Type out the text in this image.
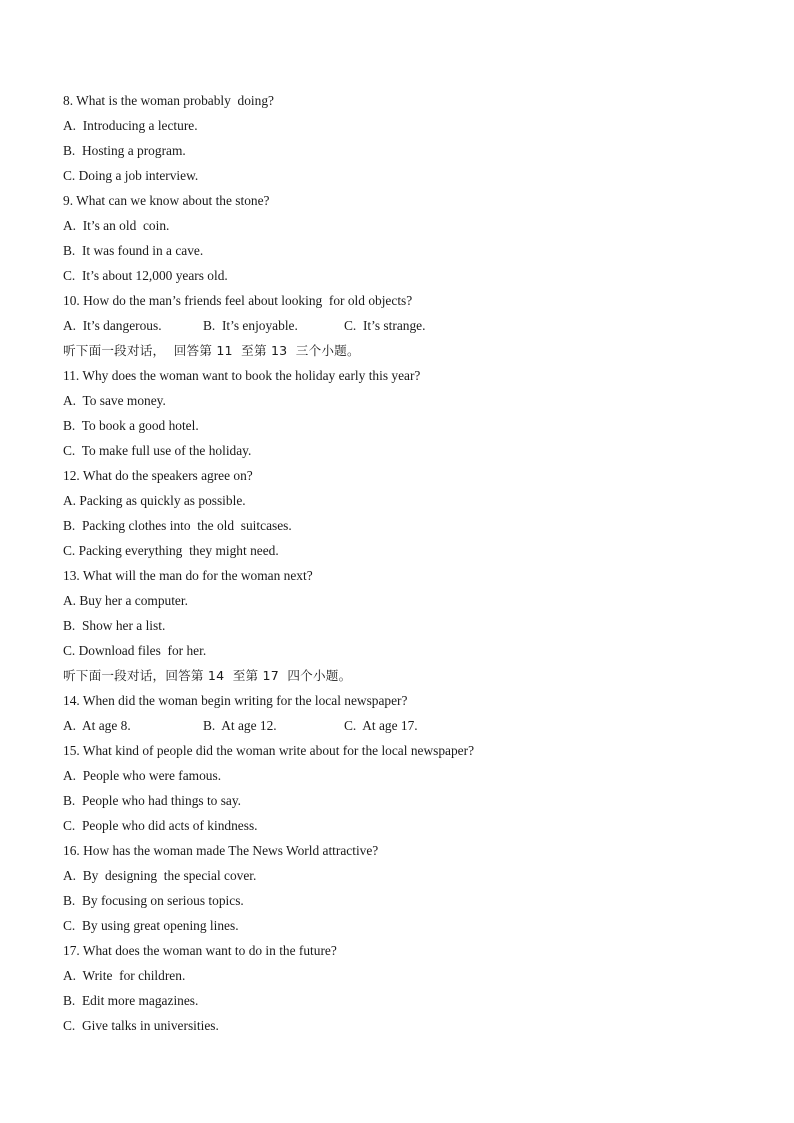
8. What is the woman probably  doing?
A.  Introducing a lecture.
B.  Hosting a program.
C. Doing a job interview.
9. What can we know about the stone?
A.  It’s an old  coin.
B.  It was found in a cave.
C.  It’s about 12,000 years old.
10. How do the man’s friends feel about looking  for old objects?

A.  It’s dangerous.

	B.  It’s enjoyable.

	C.  It’s strange.

听下面一段对话，  回答第 11  至第 13  三个小题。
11. Why does the woman want to book the holiday early this year?
A.  To save money.
B.  To book a good hotel.
C.  To make full use of the holiday.
12. What do the speakers agree on?
A. Packing as quickly as possible.
B.  Packing clothes into  the old  suitcases.
C. Packing everything  they might need.
13. What will the man do for the woman next?
A. Buy her a computer.
B.  Show her a list.
C. Download files  for her.
听下面一段对话，回答第 14  至第 17  四个小题。
14. When did the woman begin writing for the local newspaper?

A.  At age 8.

	B.  At age 12.

	C.  At age 17.

15. What kind of people did the woman write about for the local newspaper?
A.  People who were famous.
B.  People who had things to say.
C.  People who did acts of kindness.
16. How has the woman made The News World attractive?
A.  By  designing  the special cover.
B.  By focusing on serious topics.
C.  By using great opening lines.
17. What does the woman want to do in the future?
A.  Write  for children.
B.  Edit more magazines.
C.  Give talks in universities.
